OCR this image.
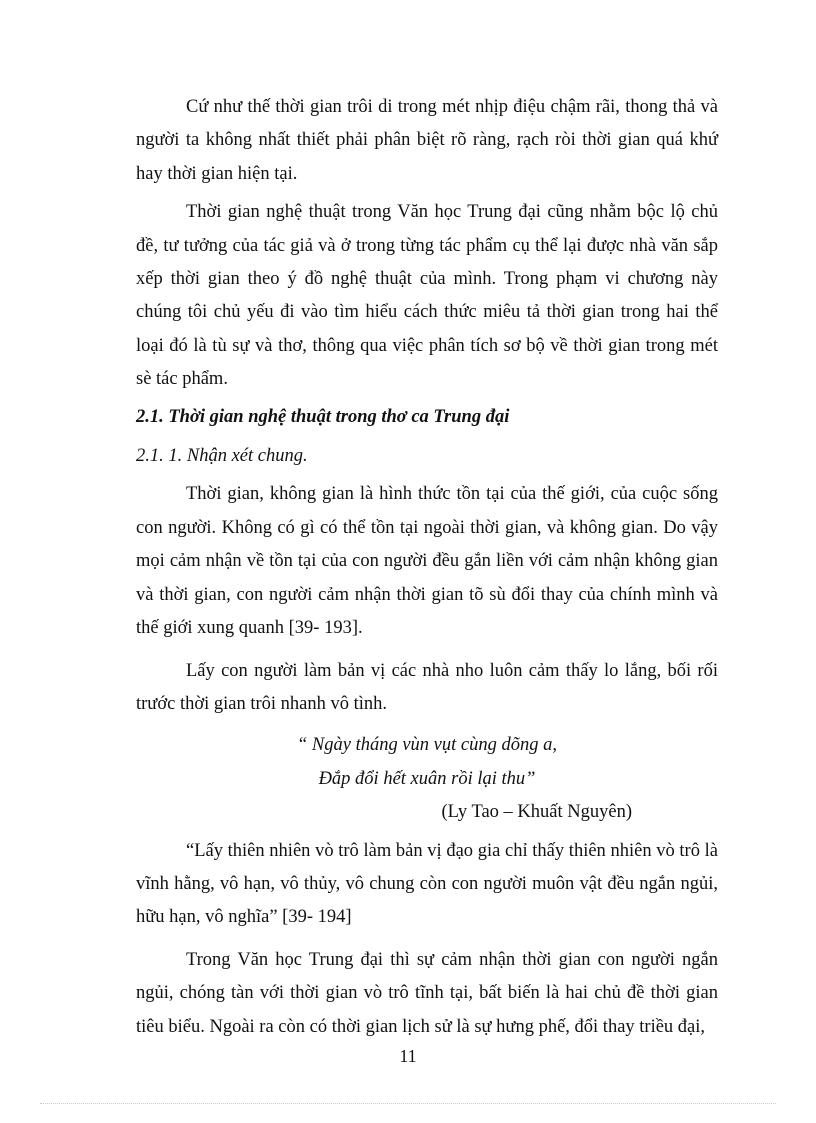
Cứ như thế thời gian trôi di trong mét nhịp điệu chậm rãi, thong thả và người ta không nhất thiết phải phân biệt rõ ràng, rạch ròi thời gian quá khứ hay thời gian hiện tại.

Thời gian nghệ thuật trong Văn học Trung đại cũng nhằm bộc lộ chủ đề, tư tưởng của tác giả và ở trong từng tác phẩm cụ thể lại được nhà văn sắp xếp thời gian theo ý đồ nghệ thuật của mình. Trong phạm vi chương này chúng tôi chủ yếu đi vào tìm hiểu cách thức miêu tả thời gian trong hai thể loại đó là tù sự và thơ, thông qua việc phân tích sơ bộ về thời gian trong mét sè tác phẩm.

2.1. Thời gian nghệ thuật trong thơ ca Trung đại

2.1. 1. Nhận xét chung.

Thời gian, không gian là hình thức tồn tại của thế giới, của cuộc sống con người. Không có gì có thể tồn tại ngoài thời gian, và không gian. Do vậy mọi cảm nhận về tồn tại của con người đều gắn liền với cảm nhận không gian và thời gian, con người cảm nhận thời gian tõ sù đổi thay của chính mình và thế giới xung quanh [39- 193].

Lấy con người làm bản vị các nhà nho luôn cảm thấy lo lắng, bối rối trước thời gian trôi nhanh vô tình.

“ Ngày tháng vùn vụt cùng dõng a,
Đắp đổi hết xuân rồi lại thu”

(Ly Tao – Khuất Nguyên)

“Lấy thiên nhiên vò trô làm bản vị đạo gia chỉ thấy thiên nhiên vò trô là vĩnh hằng, vô hạn, vô thủy, vô chung còn con người muôn vật đều ngắn ngủi, hữu hạn, vô nghĩa” [39- 194]

Trong Văn học Trung đại thì sự cảm nhận thời gian con người ngắn ngủi, chóng tàn với thời gian vò trô tĩnh tại, bất biến là hai chủ đề thời gian tiêu biểu. Ngoài ra còn có thời gian lịch sử là sự hưng phế, đổi thay triều đại,

11
